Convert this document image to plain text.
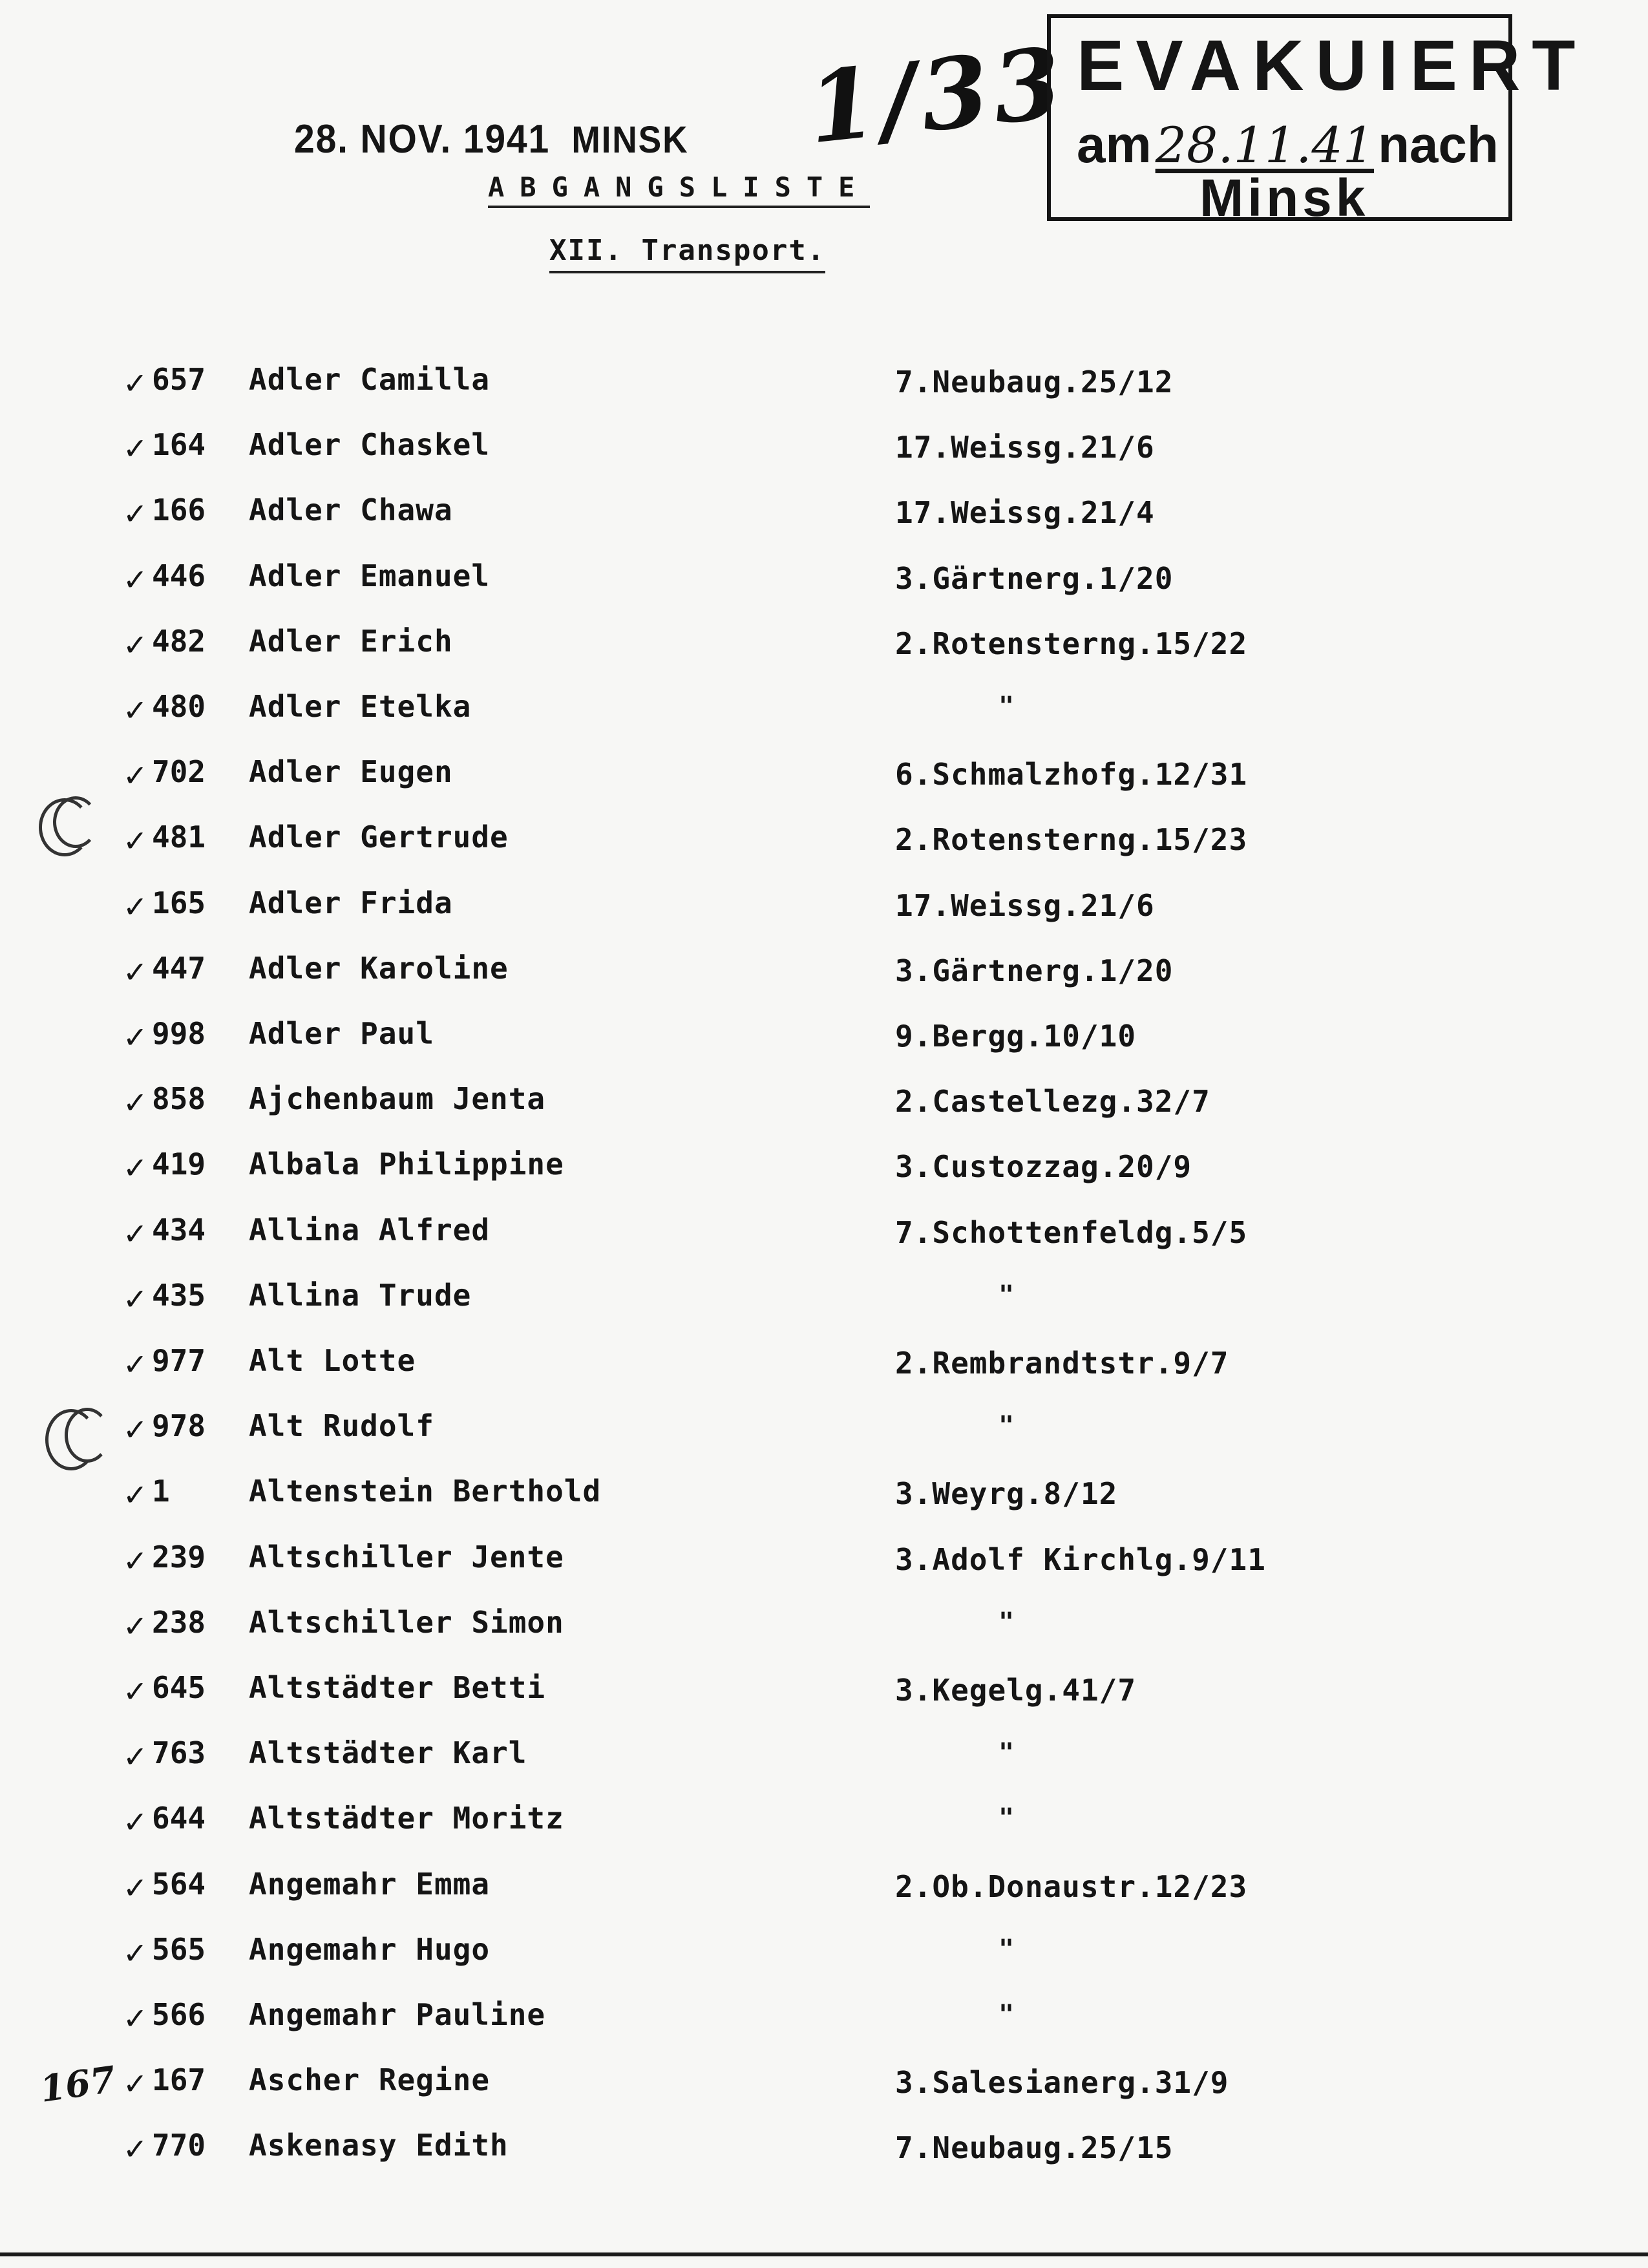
28. NOV. 1941 MINSK 1/33
ABGANGSLISTE
XII. Transport.
EVAKUIERT
am28.11.41nach
Minsk
✓ 657 Adler Camilla	7.Neubaug.25/12
✓ 164 Adler Chaskel	17.Weissg.21/6
✓ 166 Adler Chawa	17.Weissg.21/4
✓ 446 Adler Emanuel	3.Gärtnerg.1/20
✓ 482 Adler Erich	2.Rotensterng.15/22
✓ 480 Adler Etelka	"
✓ 702 Adler Eugen	6.Schmalzhofg.12/31
✓ 481 Adler Gertrude	2.Rotensterng.15/23
✓ 165 Adler Frida	17.Weissg.21/6
✓ 447 Adler Karoline	3.Gärtnerg.1/20
✓ 998 Adler Paul	9.Bergg.10/10
✓ 858 Ajchenbaum Jenta	2.Castellezg.32/7
✓ 419 Albala Philippine	3.Custozzag.20/9
✓ 434 Allina Alfred	7.Schottenfeldg.5/5
✓ 435 Allina Trude	"
✓ 977 Alt Lotte	2.Rembrandtstr.9/7
✓ 978 Alt Rudolf	"
✓ 1	Altenstein Berthold	3.Weyrg.8/12
✓ 239 Altschiller Jente	3.Adolf Kirchlg.9/11
✓ 238 Altschiller Simon	"
✓ 645 Altstädter Betti	3.Kegelg.41/7
✓ 763 Altstädter Karl	"
✓ 644 Altstädter Moritz	"
✓ 564 Angemahr Emma	2.Ob.Donaustr.12/23
✓ 565 Angemahr Hugo	"
✓ 566 Angemahr Pauline	"
✓ 167 Ascher Regine	3.Salesianerg.31/9
✓ 770 Askenasy Edith	7.Neubaug.25/15
167
